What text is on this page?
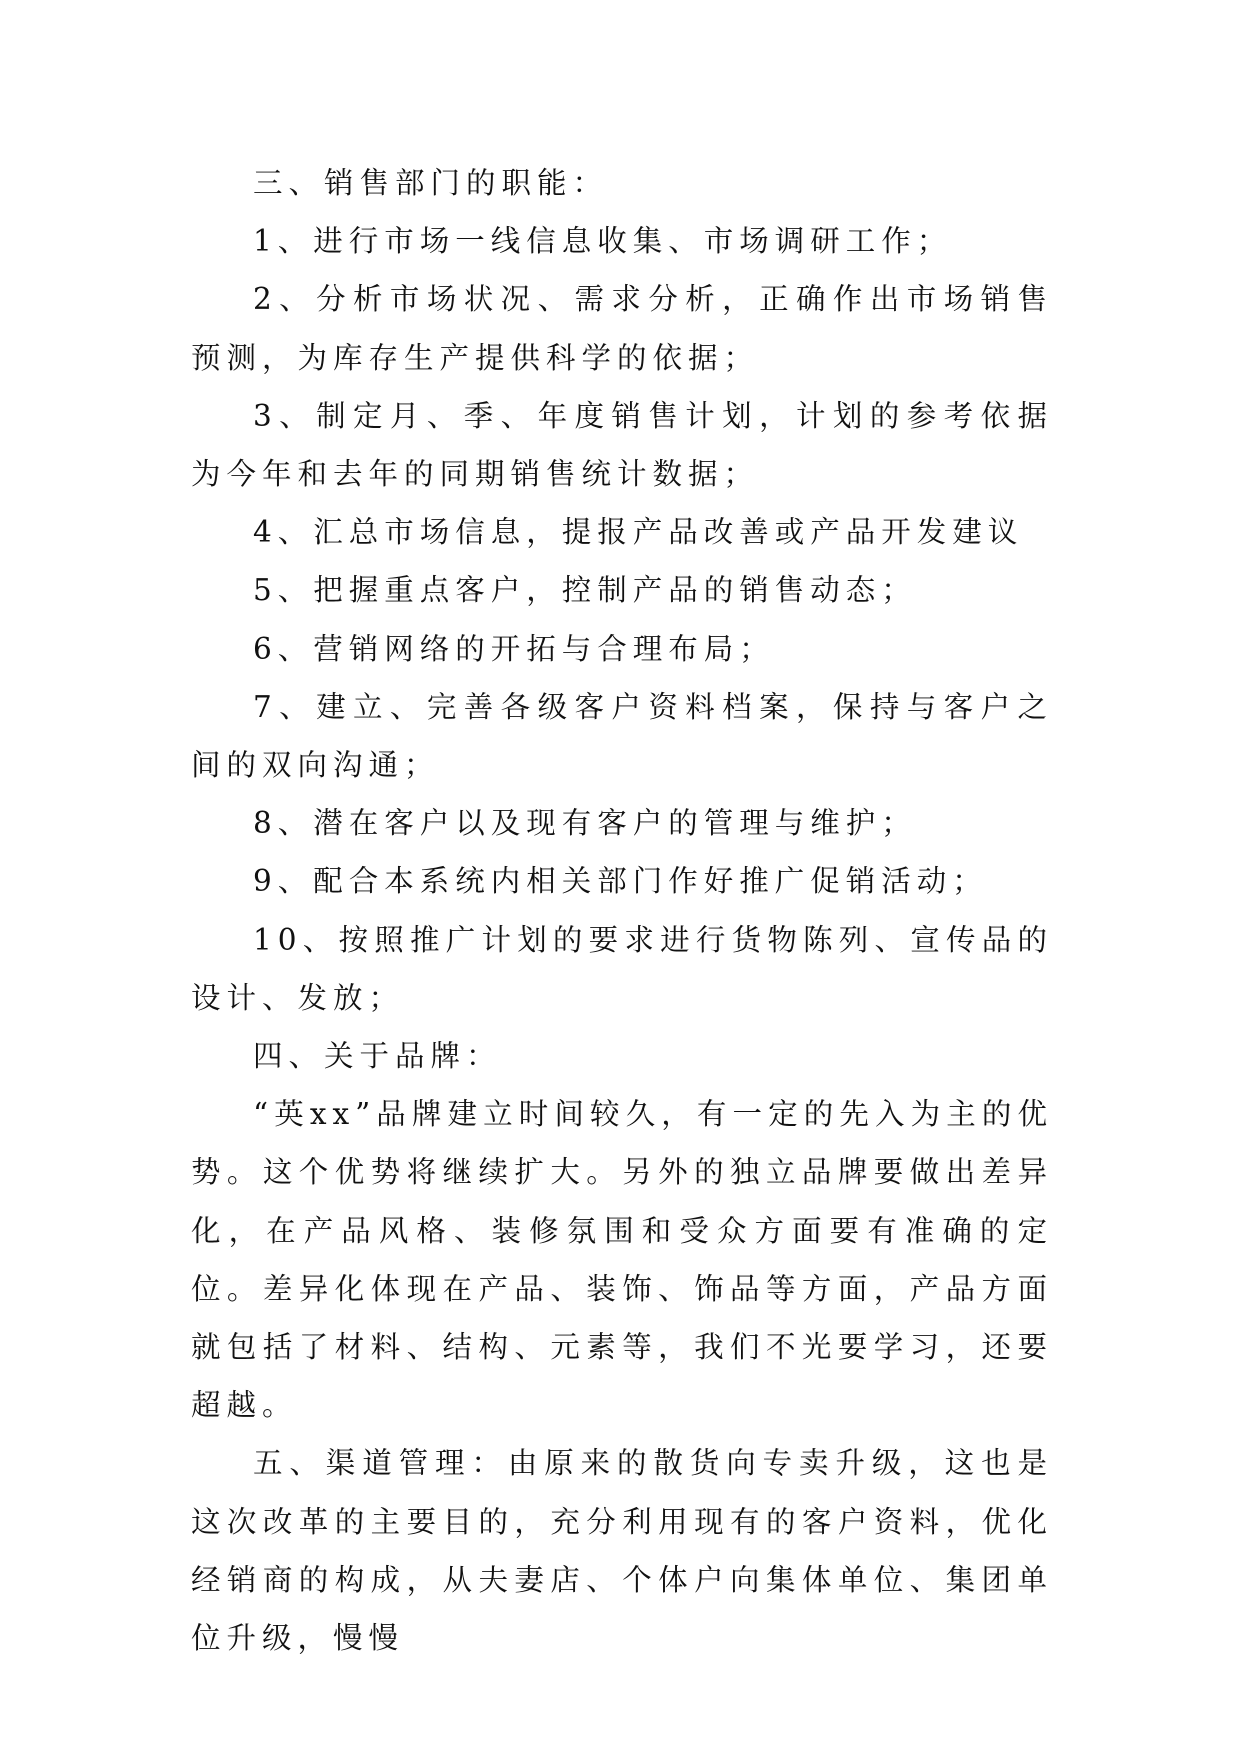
三、销售部门的职能：

1、进行市场一线信息收集、市场调研工作；

2、分析市场状况、需求分析，正确作出市场销售预测，为库存生产提供科学的依据；

3、制定月、季、年度销售计划，计划的参考依据为今年和去年的同期销售统计数据；

4、汇总市场信息，提报产品改善或产品开发建议

5、把握重点客户，控制产品的销售动态；

6、营销网络的开拓与合理布局；

7、建立、完善各级客户资料档案，保持与客户之间的双向沟通；

8、潜在客户以及现有客户的管理与维护；

9、配合本系统内相关部门作好推广促销活动；

10、按照推广计划的要求进行货物陈列、宣传品的设计、发放；

四、关于品牌：

“英xx”品牌建立时间较久，有一定的先入为主的优势。这个优势将继续扩大。另外的独立品牌要做出差异化，在产品风格、装修氛围和受众方面要有准确的定位。差异化体现在产品、装饰、饰品等方面，产品方面就包括了材料、结构、元素等，我们不光要学习，还要超越。

五、渠道管理：由原来的散货向专卖升级，这也是这次改革的主要目的，充分利用现有的客户资料，优化经销商的构成，从夫妻店、个体户向集体单位、集团单位升级，慢慢
